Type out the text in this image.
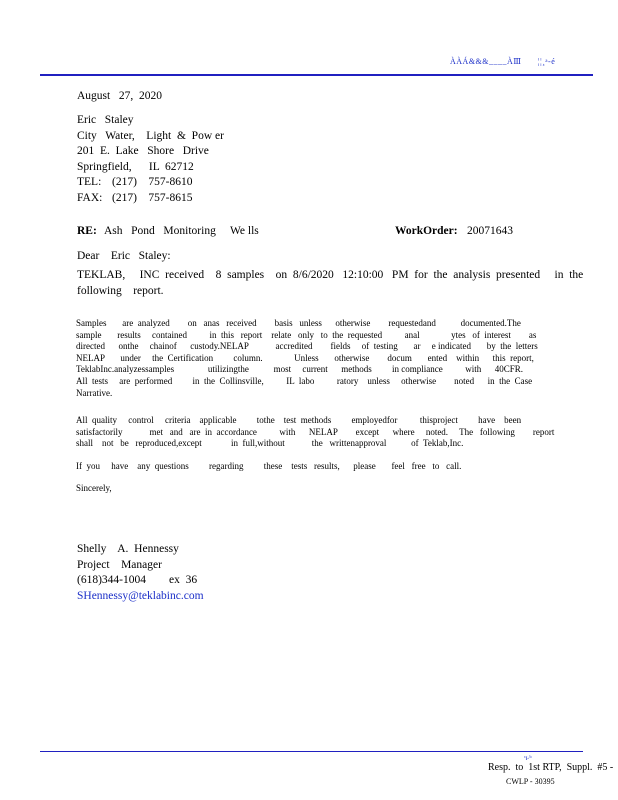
ÀÀÁ&&&____ÀⅢ ¦¦¸ᵃ-é
August   27,  2020
Eric   Staley
City   Water,    Light  &  Pow er
201  E.  Lake   Shore   Drive
Springfield,      IL  62712
TEL: (217)    757-8610
FAX: (217)    757-8615
RE: Ash   Pond   Monitoring     We lls	WorkOrder: 20071643
Dear    Eric   Staley:
TEKLAB,     INC  received    8  samples    on  8/6/2020   12:10:00   PM  for  the  analysis  presented     in  the
following    report.
Samples       are  analyzed        on   anas   received        basis   unless      otherwise        requestedand           documented.The
sample       results     contained          in  this   report    relate   only   to  the  requested          anal              ytes   of  interest        as
directed      onthe     chainof      custody.NELAP            accredited        fields     of  testing       ar     e indicated       by  the  letters
NELAP       under     the  Certification         column.              Unless       otherwise        docum       ented    within      this  report,
TeklabInc.analyzessamples               utilizingthe           most     current      methods         in compliance          with      40CFR.
All  tests     are  performed         in  the  Collinsville,          IL  labo          ratory    unless     otherwise        noted      in  the  Case
Narrative.
All  quality     control     criteria    applicable         tothe    test  methods         employedfor          thisproject         have    been
satisfactorily            met   and   are  in  accordance          with      NELAP        except      where     noted.     The   following        report
shall    not   be   reproduced,except             in  full,without            the   writtenapproval           of  Teklab,Inc.
If  you     have    any  questions         regarding         these    tests   results,      please       feel   free   to   call.
Sincerely,
Shelly    A.  Hennessy
Project    Manager
(618)344-1004        ex  36
SHennessy@teklabinc.com
ᶜⱶᵇ
Resp.  to  1st RTP,  Suppl.  #5 -
CWLP - 30395
